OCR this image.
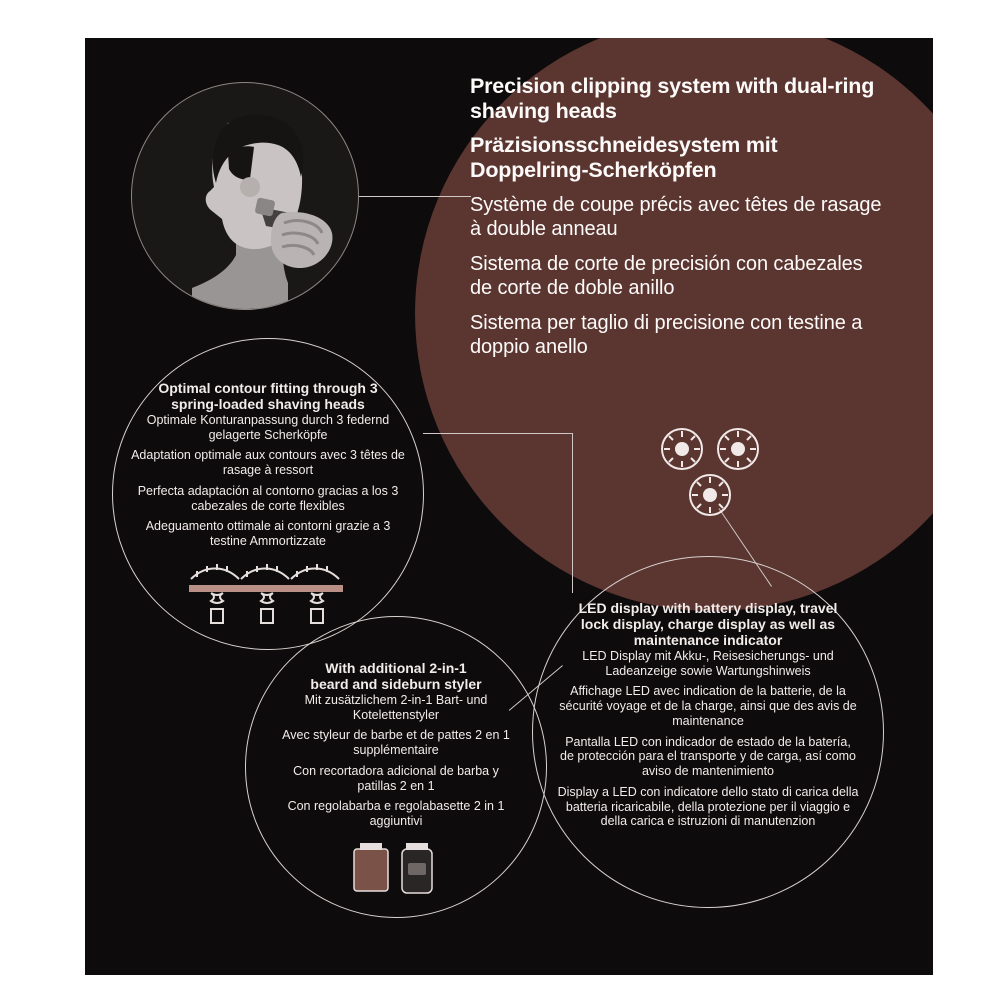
Precision clipping system with dual-ring shaving heads
Präzisionsschneidesystem mit Doppelring-Scherköpfen
Système de coupe précis avec têtes de rasage à double anneau
Sistema de corte de precisión con cabezales de corte de doble anillo
Sistema per taglio di precisione con testine a doppio anello
Optimal contour fitting through 3 spring-loaded shaving heads
Optimale Konturanpassung durch 3 federnd gelagerte Scherköpfe
Adaptation optimale aux contours avec 3 têtes de rasage à ressort
Perfecta adaptación al contorno gracias a los 3 cabezales de corte flexibles
Adeguamento ottimale ai contorni grazie a 3 testine Ammortizzate
With additional 2-in-1 beard and sideburn styler
Mit zusätzlichem 2-in-1 Bart- und Kotelettenstyler
Avec styleur de barbe et de pattes 2 en 1 supplémentaire
Con recortadora adicional de barba y patillas 2 en 1
Con regolabarba e regolabasette 2 in 1 aggiuntivi
LED display with battery display, travel lock display, charge display as well as maintenance indicator
LED Display mit Akku-, Reisesicherungs- und Ladeanzeige sowie Wartungshinweis
Affichage LED avec indication de la batterie, de la sécurité voyage et de la charge, ainsi que des avis de maintenance
Pantalla LED con indicador de estado de la batería, de protección para el transporte y de carga, así como aviso de mantenimiento
Display a LED con indicatore dello stato di carica della batteria ricaricabile, della protezione per il viaggio e della carica e istruzioni di manutenzion
